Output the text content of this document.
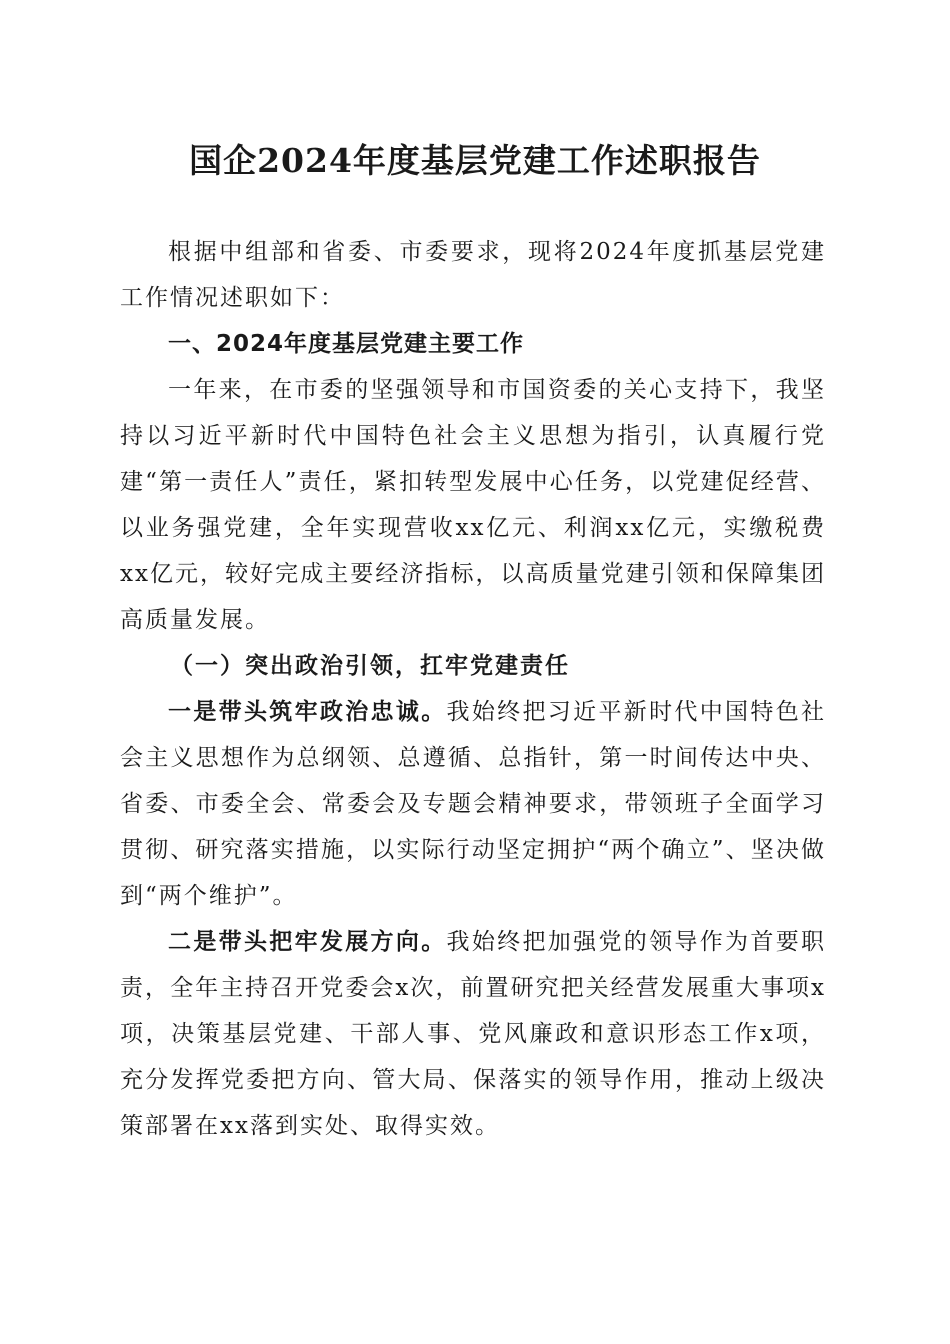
国企2024年度基层党建工作述职报告

根据中组部和省委、市委要求，现将2024年度抓基层党建工作情况述职如下：

一、2024年度基层党建主要工作

一年来，在市委的坚强领导和市国资委的关心支持下，我坚持以习近平新时代中国特色社会主义思想为指引，认真履行党建“第一责任人”责任，紧扣转型发展中心任务，以党建促经营、以业务强党建，全年实现营收xx亿元、利润xx亿元，实缴税费xx亿元，较好完成主要经济指标，以高质量党建引领和保障集团高质量发展。

（一）突出政治引领，扛牢党建责任

一是带头筑牢政治忠诚。我始终把习近平新时代中国特色社会主义思想作为总纲领、总遵循、总指针，第一时间传达中央、省委、市委全会、常委会及专题会精神要求，带领班子全面学习贯彻、研究落实措施，以实际行动坚定拥护“两个确立”、坚决做到“两个维护”。

二是带头把牢发展方向。我始终把加强党的领导作为首要职责，全年主持召开党委会x次，前置研究把关经营发展重大事项x项，决策基层党建、干部人事、党风廉政和意识形态工作x项，充分发挥党委把方向、管大局、保落实的领导作用，推动上级决策部署在xx落到实处、取得实效。
